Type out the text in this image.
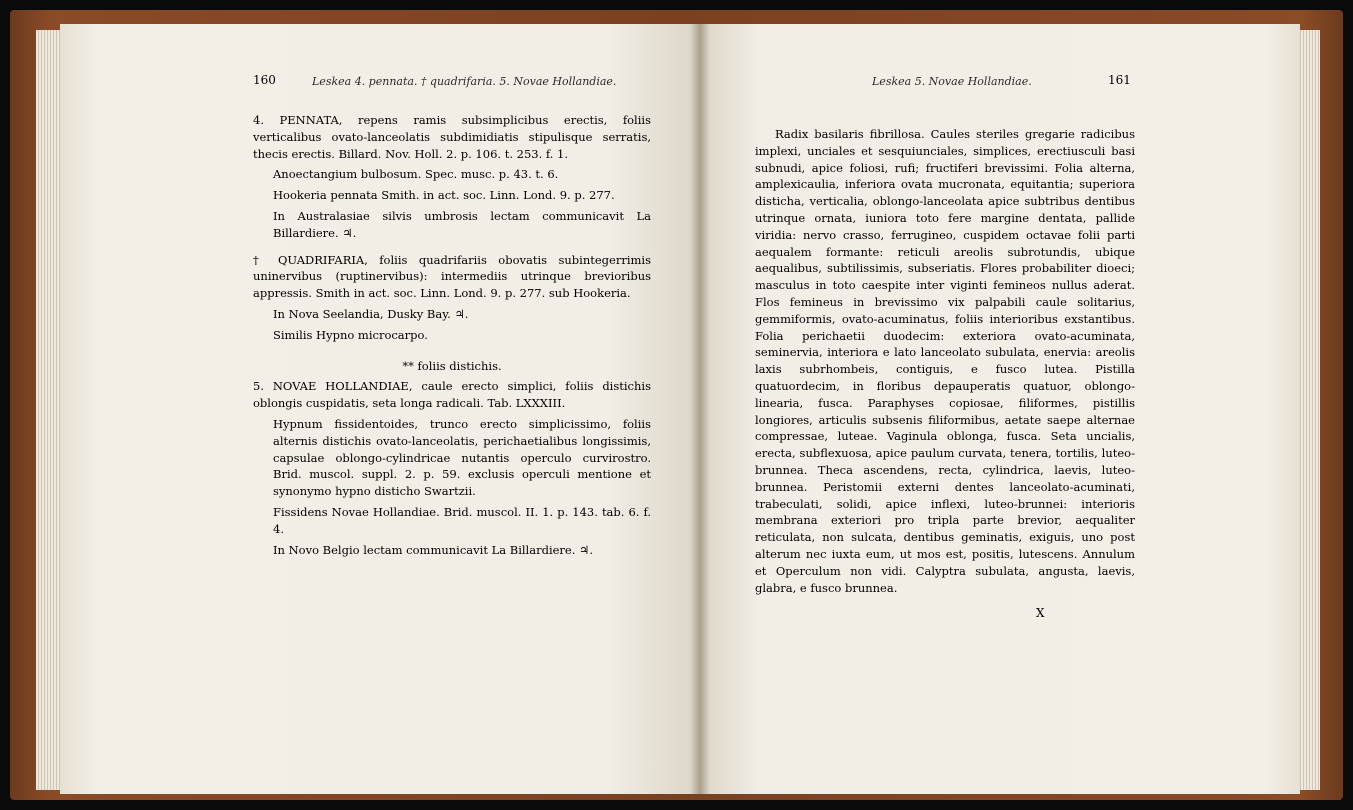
160	Leskea 4. pennata. † quadrifaria. 5. Novae Hollandiae.

4. PENNATA, repens ramis subsimplicibus erectis, foliis verticalibus ovato-lanceolatis subdimidiatis stipulisque serratis, thecis erectis. Billard. Nov. Holl. 2. p. 106. t. 253. f. 1.

Anoectangium bulbosum. Spec. musc. p. 43. t. 6.

Hookeria pennata Smith. in act. soc. Linn. Lond. 9. p. 277.

In Australasiae silvis umbrosis lectam communicavit La Billardiere. ♃.

† QUADRIFARIA, foliis quadrifariis obovatis subintegerrimis uninervibus (ruptinervibus): intermediis utrinque brevioribus appressis. Smith in act. soc. Linn. Lond. 9. p. 277. sub Hookeria.

In Nova Seelandia, Dusky Bay. ♃.

Similis Hypno microcarpo.

** foliis distichis.

5. NOVAE HOLLANDIAE, caule erecto simplici, foliis distichis oblongis cuspidatis, seta longa radicali. Tab. LXXXIII.

Hypnum fissidentoides, trunco erecto simplicissimo, foliis alternis distichis ovato-lanceolatis, perichaetialibus longissimis, capsulae oblongo-cylindricae nutantis operculo curvirostro. Brid. muscol. suppl. 2. p. 59. exclusis operculi mentione et synonymo hypno disticho Swartzii.

Fissidens Novae Hollandiae. Brid. muscol. II. 1. p. 143. tab. 6. f. 4.

In Novo Belgio lectam communicavit La Billardiere. ♃.

Leskea 5. Novae Hollandiae.	161
Radix basilaris fibrillosa. Caules steriles gregarie radicibus implexi, unciales et sesquiunciales, simplices, erectiusculi basi subnudi, apice foliosi, rufi; fructiferi brevissimi. Folia alterna, amplexicaulia, inferiora ovata mucronata, equitantia; superiora disticha, verticalia, oblongo-lanceolata apice subtribus dentibus utrinque ornata, iuniora toto fere margine dentata, pallide viridia: nervo crasso, ferrugineo, cuspidem octavae folii parti aequalem formante: reticuli areolis subrotundis, ubique aequalibus, subtilissimis, subseriatis. Flores probabiliter dioeci; masculus in toto caespite inter viginti femineos nullus aderat. Flos femineus in brevissimo vix palpabili caule solitarius, gemmiformis, ovato-acuminatus, foliis interioribus exstantibus. Folia perichaetii duodecim: exteriora ovato-acuminata, seminervia, interiora e lato lanceolato subulata, enervia: areolis laxis subrhombeis, contiguis, e fusco lutea. Pistilla quatuordecim, in floribus depauperatis quatuor, oblongo-linearia, fusca. Paraphyses copiosae, filiformes, pistillis longiores, articulis subsenis filiformibus, aetate saepe alternae compressae, luteae. Vaginula oblonga, fusca. Seta uncialis, erecta, subflexuosa, apice paulum curvata, tenera, tortilis, luteo-brunnea. Theca ascendens, recta, cylindrica, laevis, luteo-brunnea. Peristomii externi dentes lanceolato-acuminati, trabeculati, solidi, apice inflexi, luteo-brunnei: interioris membrana exteriori pro tripla parte brevior, aequaliter reticulata, non sulcata, dentibus geminatis, exiguis, uno post alterum nec iuxta eum, ut mos est, positis, lutescens. Annulum et Operculum non vidi. Calyptra subulata, angusta, laevis, glabra, e fusco brunnea.
X
